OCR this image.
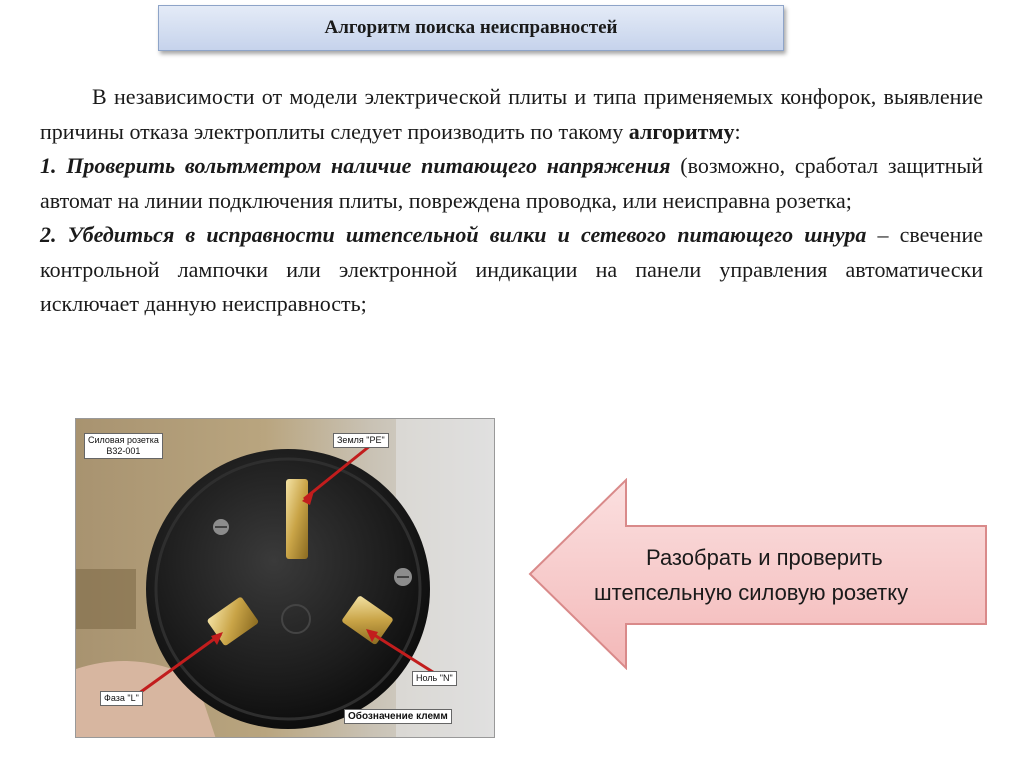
Алгоритм поиска неисправностей

В независимости от модели электрической плиты и типа применяемых конфорок, выявление причины отказа электроплиты следует производить по такому алгоритму:

1. Проверить вольтметром наличие питающего напряжения (возможно, сработал защитный автомат на линии подключения плиты, повреждена проводка, или неисправна розетка;

2. Убедиться в исправности штепсельной вилки и сетевого питающего шнура – свечение контрольной лампочки или электронной индикации на панели управления автоматически исключает данную неисправность;

Силовая розетка
В32-001
Земля "PE"
Фаза "L"
Ноль "N"
Обозначение клемм
Разобрать и проверить
штепсельную силовую розетку
